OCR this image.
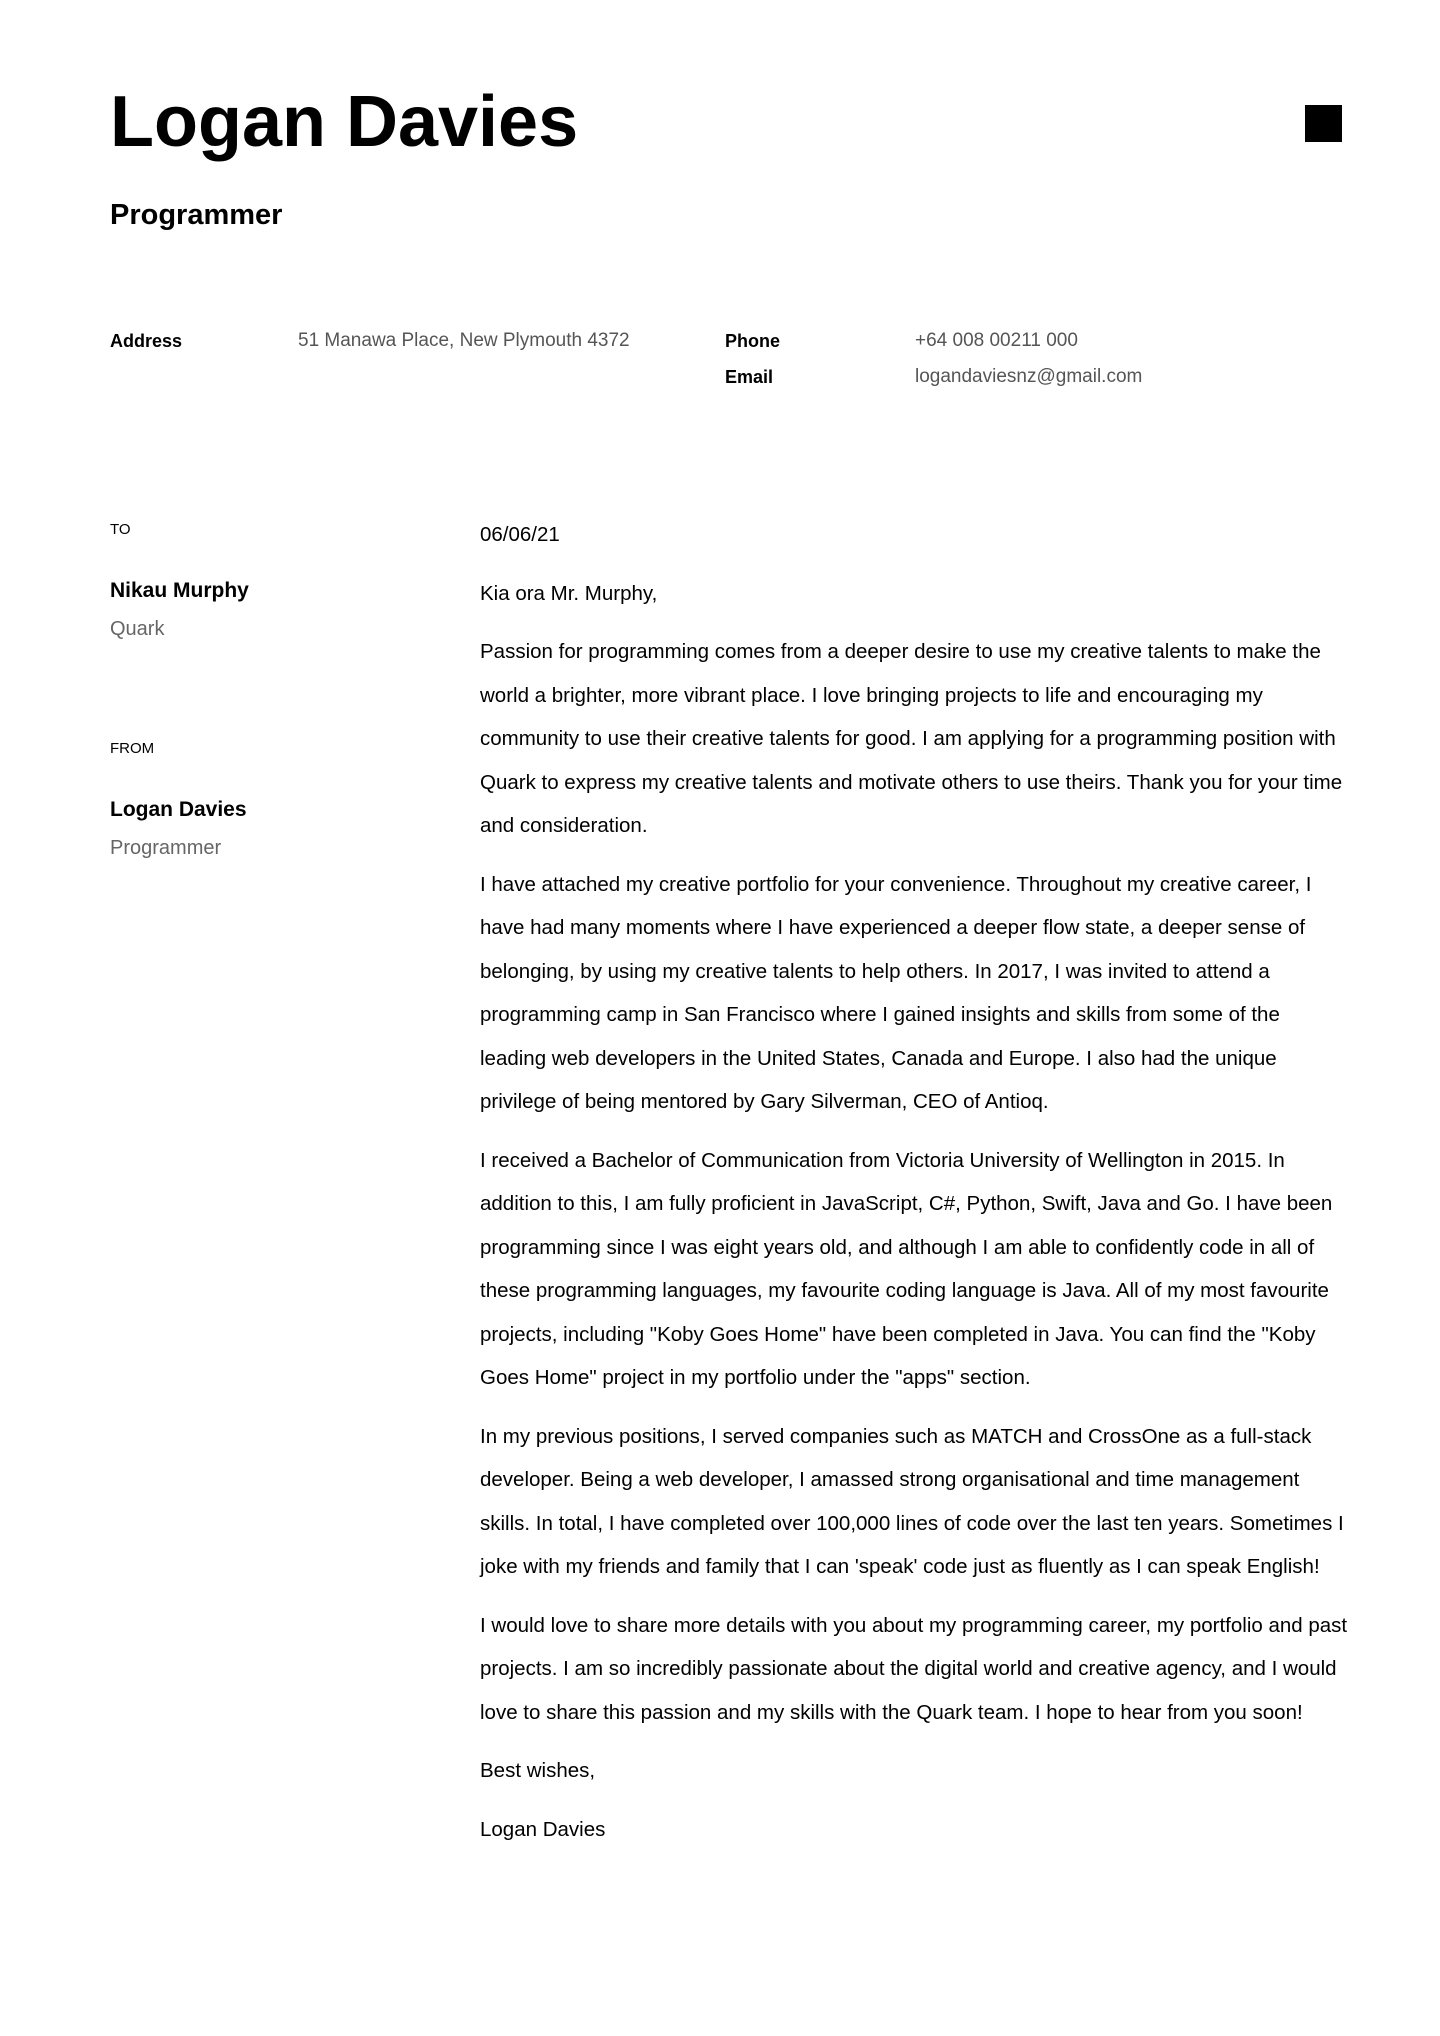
Logan Davies
Programmer
Address	51 Manawa Place, New Plymouth 4372	Phone	+64 008 00211 000
Email	logandaviesnz@gmail.com
TO
Nikau Murphy
Quark
FROM
Logan Davies
Programmer

06/06/21

Kia ora Mr. Murphy,

Passion for programming comes from a deeper desire to use my creative talents to make the world a brighter, more vibrant place. I love bringing projects to life and encouraging my community to use their creative talents for good. I am applying for a programming position with Quark to express my creative talents and motivate others to use theirs. Thank you for your time and consideration.

I have attached my creative portfolio for your convenience. Throughout my creative career, I have had many moments where I have experienced a deeper flow state, a deeper sense of belonging, by using my creative talents to help others. In 2017, I was invited to attend a programming camp in San Francisco where I gained insights and skills from some of the leading web developers in the United States, Canada and Europe. I also had the unique privilege of being mentored by Gary Silverman, CEO of Antioq.

I received a Bachelor of Communication from Victoria University of Wellington in 2015. In addition to this, I am fully proficient in JavaScript, C#, Python, Swift, Java and Go. I have been programming since I was eight years old, and although I am able to confidently code in all of these programming languages, my favourite coding language is Java. All of my most favourite projects, including "Koby Goes Home" have been completed in Java. You can find the "Koby Goes Home" project in my portfolio under the "apps" section.

In my previous positions, I served companies such as MATCH and CrossOne as a full-stack developer. Being a web developer, I amassed strong organisational and time management skills. In total, I have completed over 100,000 lines of code over the last ten years. Sometimes I joke with my friends and family that I can 'speak' code just as fluently as I can speak English!

I would love to share more details with you about my programming career, my portfolio and past projects. I am so incredibly passionate about the digital world and creative agency, and I would love to share this passion and my skills with the Quark team. I hope to hear from you soon!

Best wishes,

Logan Davies
